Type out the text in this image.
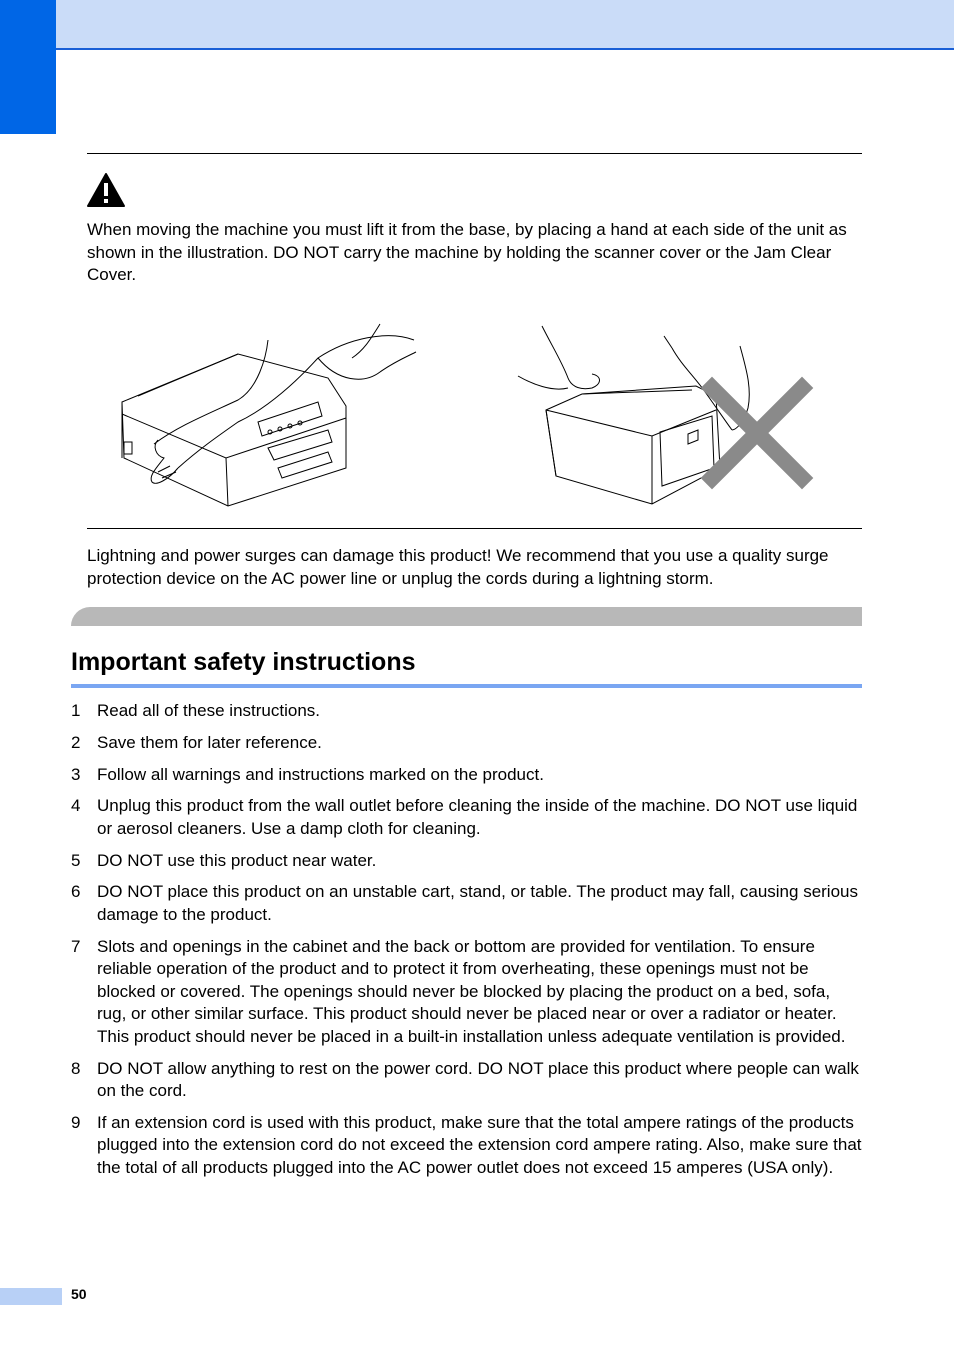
When moving the machine you must lift it from the base, by placing a hand at each side of the unit as shown in the illustration. DO NOT carry the machine by holding the scanner cover or the Jam Clear Cover.
Lightning and power surges can damage this product! We recommend that you use a quality surge protection device on the AC power line or unplug the cords during a lightning storm.
Important safety instructions
1 Read all of these instructions.
2 Save them for later reference.
3 Follow all warnings and instructions marked on the product.
4 Unplug this product from the wall outlet before cleaning the inside of the machine. DO NOT use liquid or aerosol cleaners. Use a damp cloth for cleaning.
5 DO NOT use this product near water.
6 DO NOT place this product on an unstable cart, stand, or table. The product may fall, causing serious damage to the product.
7 Slots and openings in the cabinet and the back or bottom are provided for ventilation. To ensure reliable operation of the product and to protect it from overheating, these openings must not be blocked or covered. The openings should never be blocked by placing the product on a bed, sofa, rug, or other similar surface. This product should never be placed near or over a radiator or heater. This product should never be placed in a built-in installation unless adequate ventilation is provided.
8 DO NOT allow anything to rest on the power cord. DO NOT place this product where people can walk on the cord.
9 If an extension cord is used with this product, make sure that the total ampere ratings of the products plugged into the extension cord do not exceed the extension cord ampere rating. Also, make sure that the total of all products plugged into the AC power outlet does not exceed 15 amperes (USA only).
50
